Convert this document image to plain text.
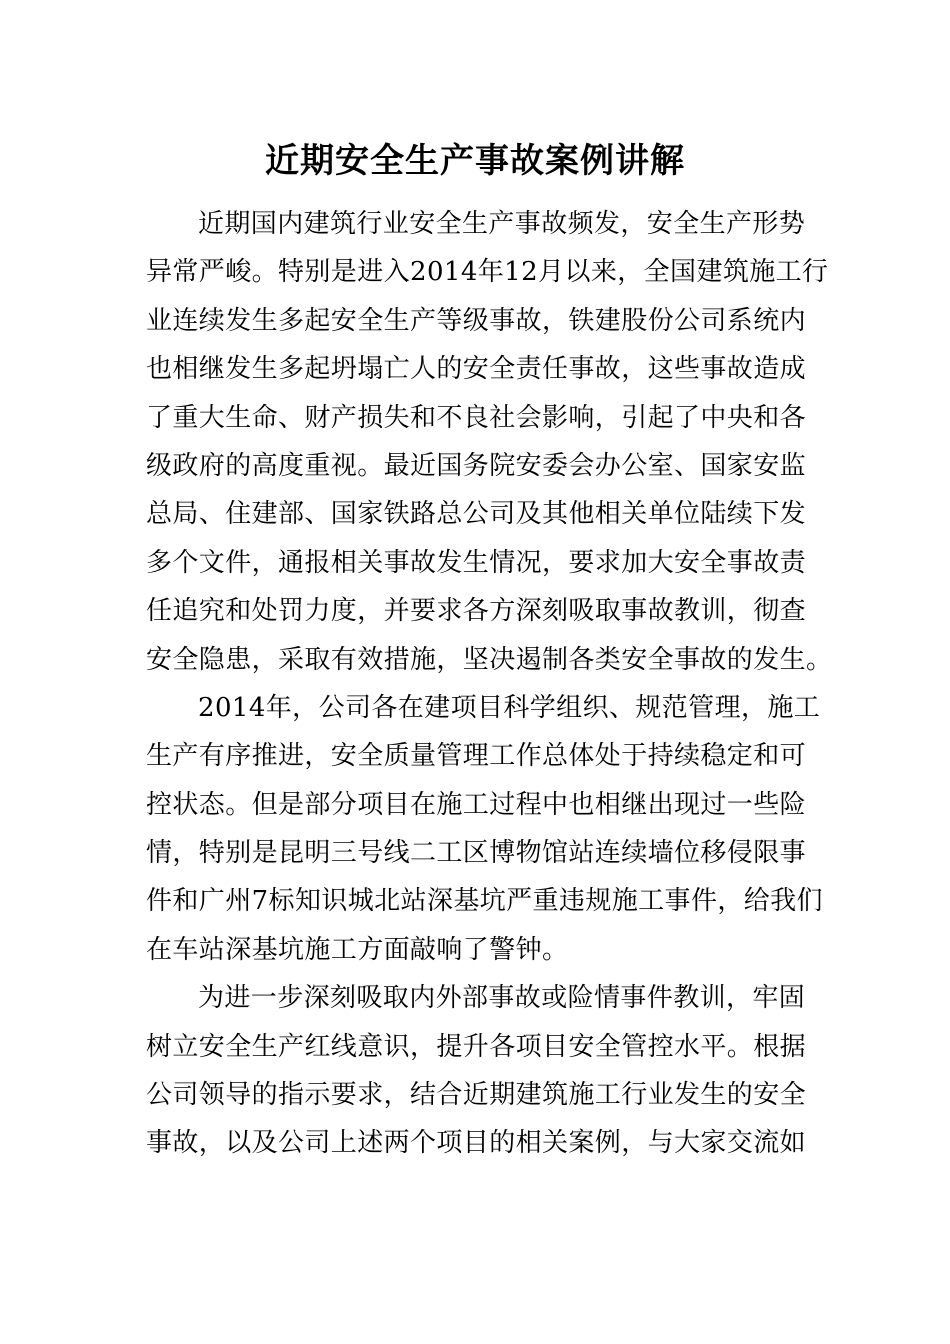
近期安全生产事故案例讲解
近期国内建筑行业安全生产事故频发，安全生产形势
异常严峻。特别是进入2014年12月以来，全国建筑施工行
业连续发生多起安全生产等级事故，铁建股份公司系统内
也相继发生多起坍塌亡人的安全责任事故，这些事故造成
了重大生命、财产损失和不良社会影响，引起了中央和各
级政府的高度重视。最近国务院安委会办公室、国家安监
总局、住建部、国家铁路总公司及其他相关单位陆续下发
多个文件，通报相关事故发生情况，要求加大安全事故责
任追究和处罚力度，并要求各方深刻吸取事故教训，彻查
安全隐患，采取有效措施，坚决遏制各类安全事故的发生。
2014年，公司各在建项目科学组织、规范管理，施工
生产有序推进，安全质量管理工作总体处于持续稳定和可
控状态。但是部分项目在施工过程中也相继出现过一些险
情，特别是昆明三号线二工区博物馆站连续墙位移侵限事
件和广州7标知识城北站深基坑严重违规施工事件，给我们
在车站深基坑施工方面敲响了警钟。
为进一步深刻吸取内外部事故或险情事件教训，牢固
树立安全生产红线意识，提升各项目安全管控水平。根据
公司领导的指示要求，结合近期建筑施工行业发生的安全
事故，以及公司上述两个项目的相关案例，与大家交流如
